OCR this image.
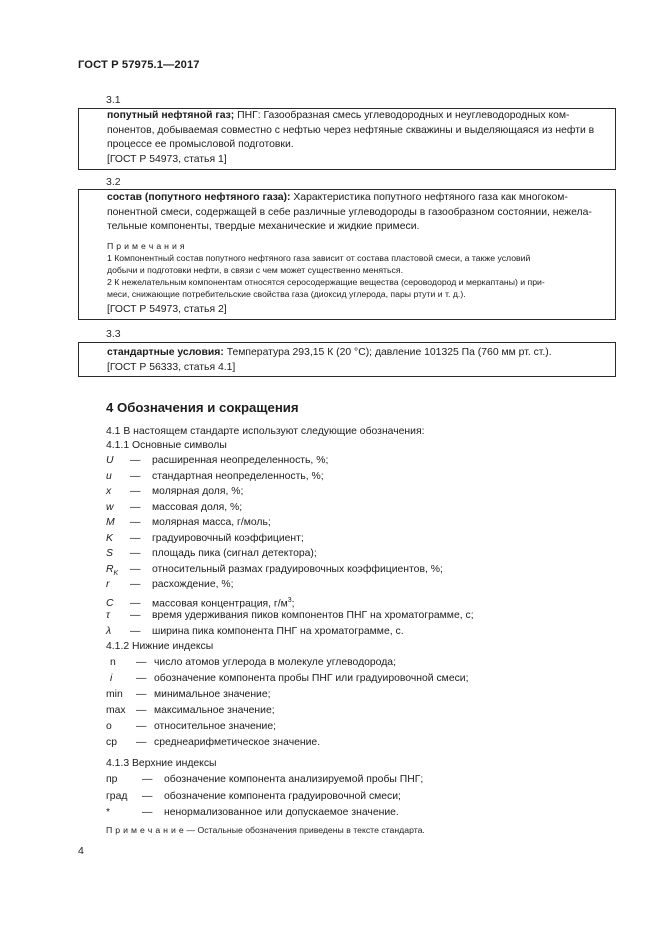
ГОСТ Р 57975.1—2017
3.1
попутный нефтяной газ; ПНГ: Газообразная смесь углеводородных и неуглеводородных ком-
понентов, добываемая совместно с нефтью через нефтяные скважины и выделяющаяся из нефти в
процессе ее промысловой подготовки.
[ГОСТ Р 54973, статья 1]
3.2
состав (попутного нефтяного газа): Характеристика попутного нефтяного газа как многоком-
понентной смеси, содержащей в себе различные углеводороды в газообразном состоянии, нежела-
тельные компоненты, твердые механические и жидкие примеси.
П р и м е ч а н и я
1 Компонентный состав попутного нефтяного газа зависит от состава пластовой смеси, а также условий
добычи и подготовки нефти, в связи с чем может существенно меняться.
2 К нежелательным компонентам относятся серосодержащие вещества (сероводород и меркаптаны) и при-
меси, снижающие потребительские свойства газа (диоксид углерода, пары ртути и т. д.).
[ГОСТ Р 54973, статья 2]
3.3
стандартные условия: Температура 293,15 К (20 °С); давление 101325 Па (760 мм рт. ст.).
[ГОСТ Р 56333, статья 4.1]
4 Обозначения и сокращения
4.1 В настоящем стандарте используют следующие обозначения:
4.1.1 Основные символы
U — расширенная неопределенность, %;
u — стандартная неопределенность, %;
x — молярная доля, %;
w — массовая доля, %;
M — молярная масса, г/моль;
K — градуировочный коэффициент;
S — площадь пика (сигнал детектора);
$R_K$ — относительный размах градуировочных коэффициентов, %;
r — расхождение, %;
C — массовая концентрация, $г/м^3$;
τ — время удерживания пиков компонентов ПНГ на хроматограмме, с;
λ — ширина пика компонента ПНГ на хроматограмме, с.
4.1.2 Нижние индексы
n — число атомов углерода в молекуле углеводорода;
i — обозначение компонента пробы ПНГ или градуировочной смеси;
min — минимальное значение;
max — максимальное значение;
o — относительное значение;
cp — среднеарифметическое значение.
4.1.3 Верхние индексы
пр — обозначение компонента анализируемой пробы ПНГ;
град — обозначение компонента градуировочной смеси;
*	— ненормализованное или допускаемое значение.
П р и м е ч а н и е — Остальные обозначения приведены в тексте стандарта.
4
